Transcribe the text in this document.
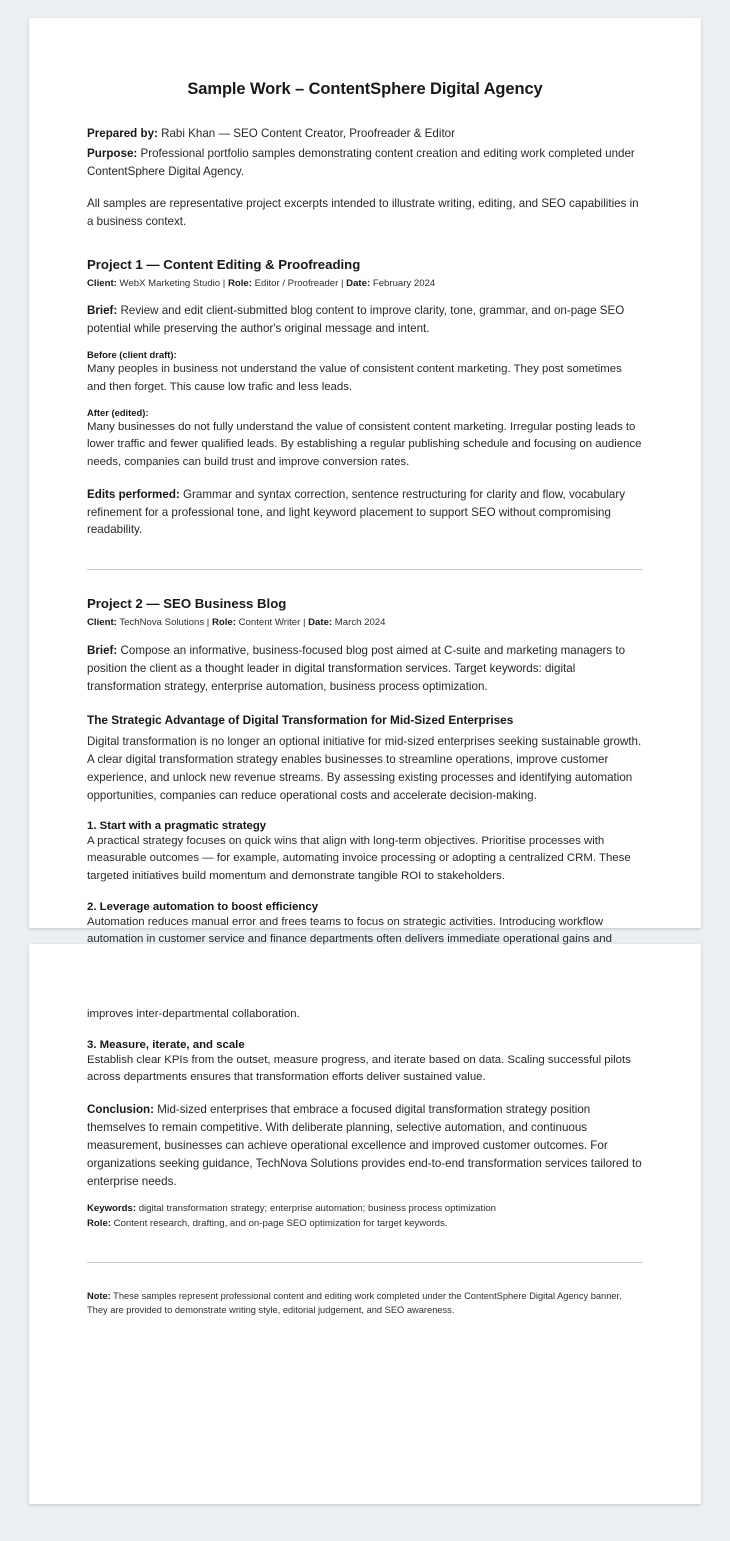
Sample Work – ContentSphere Digital Agency

Prepared by: Rabi Khan — SEO Content Creator, Proofreader & Editor

Purpose: Professional portfolio samples demonstrating content creation and editing work completed under ContentSphere Digital Agency.

All samples are representative project excerpts intended to illustrate writing, editing, and SEO capabilities in a business context.

Project 1 — Content Editing & Proofreading

Client: WebX Marketing Studio | Role: Editor / Proofreader | Date: February 2024

Brief: Review and edit client-submitted blog content to improve clarity, tone, grammar, and on-page SEO potential while preserving the author's original message and intent.

Before (client draft):

Many peoples in business not understand the value of consistent content marketing. They post sometimes and then forget. This cause low trafic and less leads.

After (edited):

Many businesses do not fully understand the value of consistent content marketing. Irregular posting leads to lower traffic and fewer qualified leads. By establishing a regular publishing schedule and focusing on audience needs, companies can build trust and improve conversion rates.

Edits performed: Grammar and syntax correction, sentence restructuring for clarity and flow, vocabulary refinement for a professional tone, and light keyword placement to support SEO without compromising readability.

Project 2 — SEO Business Blog

Client: TechNova Solutions | Role: Content Writer | Date: March 2024

Brief: Compose an informative, business-focused blog post aimed at C-suite and marketing managers to position the client as a thought leader in digital transformation services. Target keywords: digital transformation strategy, enterprise automation, business process optimization.

The Strategic Advantage of Digital Transformation for Mid-Sized Enterprises

Digital transformation is no longer an optional initiative for mid-sized enterprises seeking sustainable growth. A clear digital transformation strategy enables businesses to streamline operations, improve customer experience, and unlock new revenue streams. By assessing existing processes and identifying automation opportunities, companies can reduce operational costs and accelerate decision-making.

1. Start with a pragmatic strategy

A practical strategy focuses on quick wins that align with long-term objectives. Prioritise processes with measurable outcomes — for example, automating invoice processing or adopting a centralized CRM. These targeted initiatives build momentum and demonstrate tangible ROI to stakeholders.

2. Leverage automation to boost efficiency

Automation reduces manual error and frees teams to focus on strategic activities. Introducing workflow automation in customer service and finance departments often delivers immediate operational gains and

improves inter-departmental collaboration.

3. Measure, iterate, and scale

Establish clear KPIs from the outset, measure progress, and iterate based on data. Scaling successful pilots across departments ensures that transformation efforts deliver sustained value.

Conclusion: Mid-sized enterprises that embrace a focused digital transformation strategy position themselves to remain competitive. With deliberate planning, selective automation, and continuous measurement, businesses can achieve operational excellence and improved customer outcomes. For organizations seeking guidance, TechNova Solutions provides end-to-end transformation services tailored to enterprise needs.

Keywords: digital transformation strategy; enterprise automation; business process optimization

Role: Content research, drafting, and on-page SEO optimization for target keywords.

Note: These samples represent professional content and editing work completed under the ContentSphere Digital Agency banner. They are provided to demonstrate writing style, editorial judgement, and SEO awareness.
